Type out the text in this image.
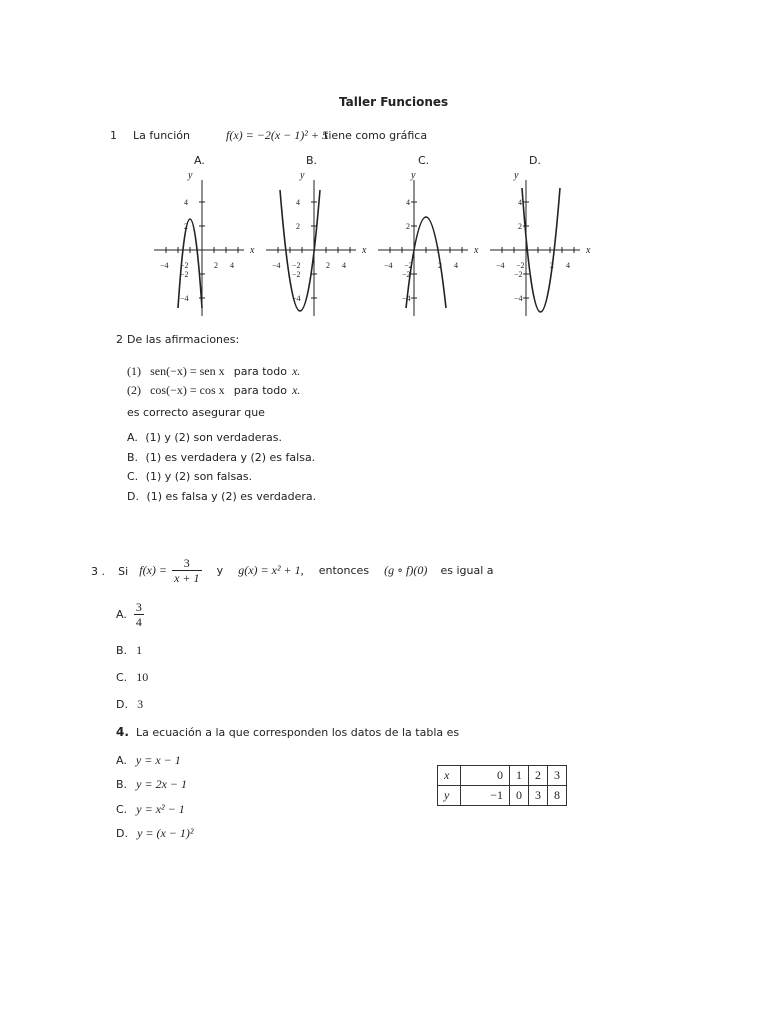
Taller Funciones
1 La función	f(x) = −2(x − 1)² + 5
tiene como gráfica
A.	B.	C.	D.
x
y
−4 −2	2 4
4
2
−2
−4
x
y
−4 −2	2 4
4
2
−2
−4
x
y
−4 −2	2 4
4
2
−2
−4
x
y
−4 −2	2 4
4
2
−2
−4
2 De las afirmaciones:
(1) sen(−x) = sen x para todo x.
(2) cos(−x) = cos x para todo x.
es correcto asegurar que
A. (1) y (2) son verdaderas.
B. (1) es verdadera y (2) es falsa.
C. (1) y (2) son falsas.
D. (1) es falsa y (2) es verdadera.
3 . Si $f(x) = \frac{3}{x + 1}$ y g(x) = x² + 1, entonces (g ∘ f)(0) es igual a
A. $\frac{3}{4}$
B. 1
C. 10
D. 3
4. La ecuación a la que corresponden los datos de la tabla es
A. y = x − 1
B. y = 2x − 1
C. y = x² − 1
D. y = (x − 1)²
x	0	1	2	3
y	−1	0	3	8
